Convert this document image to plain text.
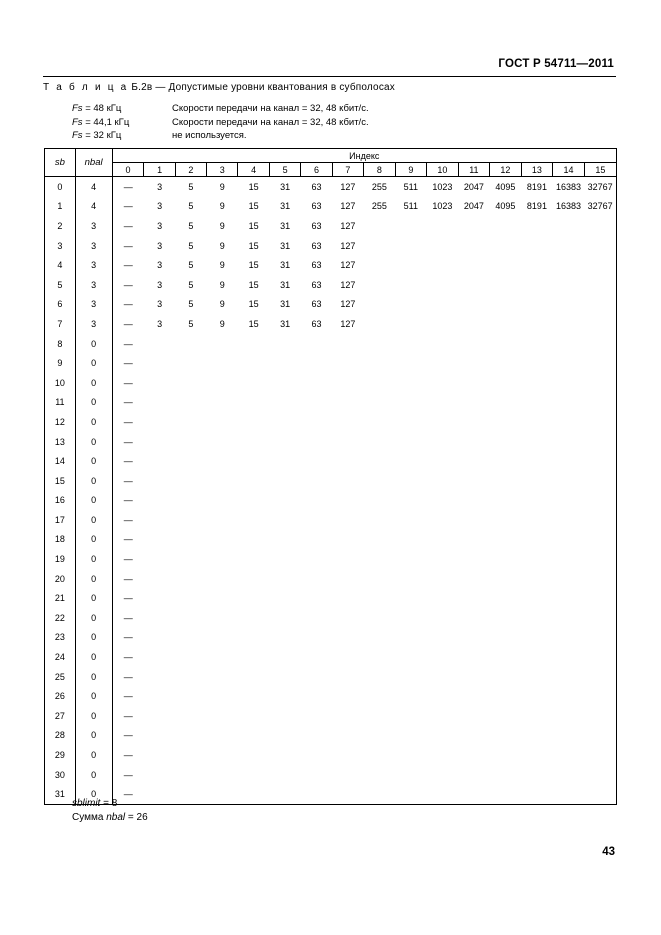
ГОСТ Р 54711—2011
Т а б л и ц а Б.2в — Допустимые уровни квантования в субполосах
Fs = 48 кГц	Скорости передачи на канал = 32, 48 кбит/с.
Fs = 44,1 кГц	Скорости передачи на канал = 32, 48 кбит/с.
Fs = 32 кГц	не используется.
sb	nbal	Индекс															
		0	1	2	3	4	5	6	7	8	9	10	11	12	13	14	15
0	4	—	3	5	9	15	31	63	127	255	511	1023	2047	4095	8191	16383	32767
1	4	—	3	5	9	15	31	63	127	255	511	1023	2047	4095	8191	16383	32767
2	3	—	3	5	9	15	31	63	127								
3	3	—	3	5	9	15	31	63	127								
4	3	—	3	5	9	15	31	63	127								
5	3	—	3	5	9	15	31	63	127								
6	3	—	3	5	9	15	31	63	127								
7	3	—	3	5	9	15	31	63	127								
8	0	—															
9	0	—															
10	0	—															
11	0	—															
12	0	—															
13	0	—															
14	0	—															
15	0	—															
16	0	—															
17	0	—															
18	0	—															
19	0	—															
20	0	—															
21	0	—															
22	0	—															
23	0	—															
24	0	—															
25	0	—															
26	0	—															
27	0	—															
28	0	—															
29	0	—															
30	0	—															
31	0	—															
sblimit = 8
Сумма nbal = 26
43
